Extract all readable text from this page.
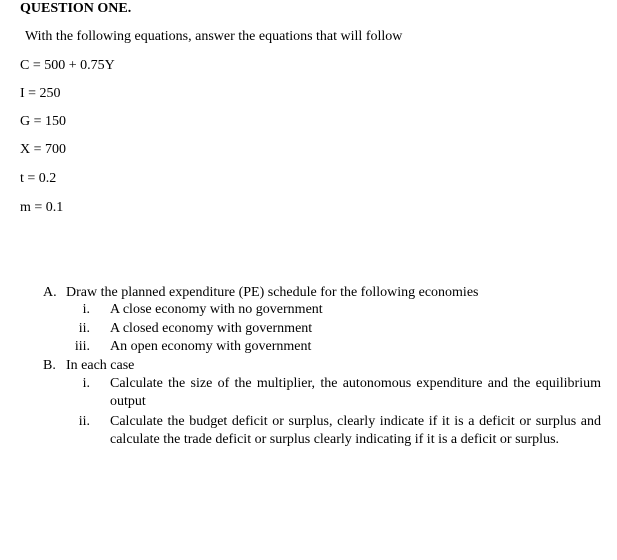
QUESTION ONE.
With the following equations, answer the equations that will follow
C = 500 + 0.75Y
I = 250
G = 150
X = 700
t = 0.2
m = 0.1
A. Draw the planned expenditure (PE) schedule for the following economies
i. A close economy with no government
ii. A closed economy with government
iii. An open economy with government
B. In each case
i. Calculate the size of the multiplier, the autonomous expenditure and the equilibrium output
ii. Calculate the budget deficit or surplus, clearly indicate if it is a deficit or surplus and calculate the trade deficit or surplus clearly indicating if it is a deficit or surplus.
